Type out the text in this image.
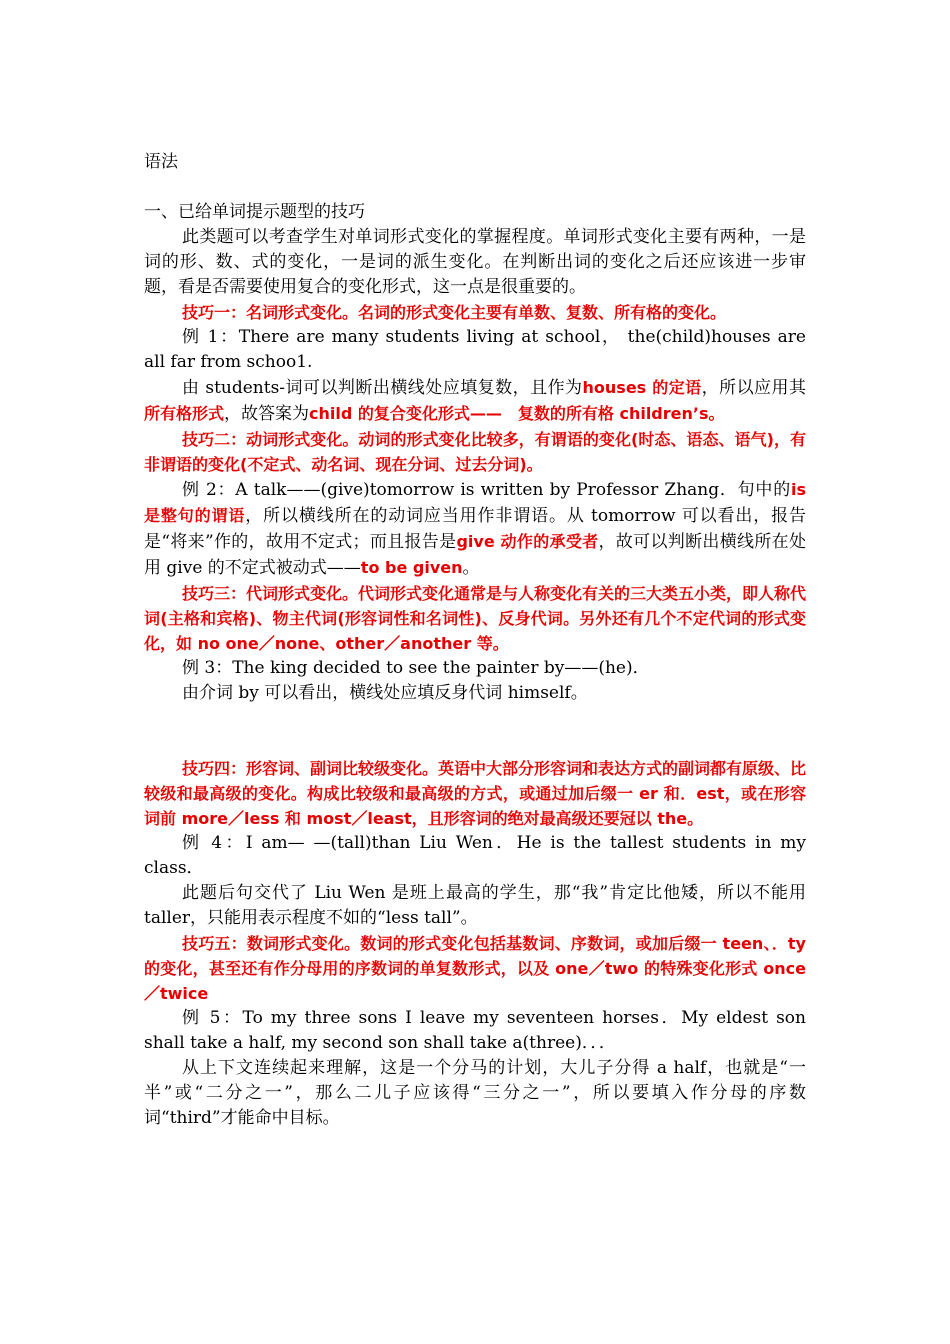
语法

一、已给单词提示题型的技巧

此类题可以考查学生对单词形式变化的掌握程度。单词形式变化主要有两种，一是词的形、数、式的变化，一是词的派生变化。在判断出词的变化之后还应该进一步审题，看是否需要使用复合的变化形式，这一点是很重要的。

技巧一：名词形式变化。名词的形式变化主要有单数、复数、所有格的变化。

例 1：There are many students living at school， the(child)houses are all far from schoo1.

由 students-词可以判断出横线处应填复数，且作为houses 的定语，所以应用其所有格形式，故答案为child 的复合变化形式——　复数的所有格 children’s。

技巧二：动词形式变化。动词的形式变化比较多，有谓语的变化(时态、语态、语气)，有非谓语的变化(不定式、动名词、现在分词、过去分词)。

例 2：A talk——(give)tomorrow is written by Professor Zhang．句中的is 是整句的谓语，所以横线所在的动词应当用作非谓语。从 tomorrow 可以看出，报告是“将来”作的，故用不定式；而且报告是give 动作的承受者，故可以判断出横线所在处用 give 的不定式被动式——to be given。

技巧三：代词形式变化。代词形式变化通常是与人称变化有关的三大类五小类，即人称代词(主格和宾格)、物主代词(形容词性和名词性)、反身代词。另外还有几个不定代词的形式变化，如 no one／none、other／another 等。

例 3：The king decided to see the painter by——(he)．

由介词 by 可以看出，横线处应填反身代词 himself。

技巧四：形容词、副词比较级变化。英语中大部分形容词和表达方式的副词都有原级、比较级和最高级的变化。构成比较级和最高级的方式，或通过加后缀一 er 和．est，或在形容词前 more／less 和 most／least，且形容词的绝对最高级还要冠以 the。

例 4：I am— —(tall)than Liu Wen．He is the tallest students in my class．

此题后句交代了 Liu Wen 是班上最高的学生，那“我”肯定比他矮，所以不能用 taller，只能用表示程度不如的“less tall”。

技巧五：数词形式变化。数词的形式变化包括基数词、序数词，或加后缀一 teen、．ty 的变化，甚至还有作分母用的序数词的单复数形式，以及 one／two 的特殊变化形式 once／twice

例 5：To my three sons I leave my seventeen horses．My eldest son shall take a half, my second son shall take a(three)．．．

从上下文连续起来理解，这是一个分马的计划，大儿子分得 a half，也就是“一半”或“二分之一”，那么二儿子应该得“三分之一”，所以要填入作分母的序数词“third”才能命中目标。
